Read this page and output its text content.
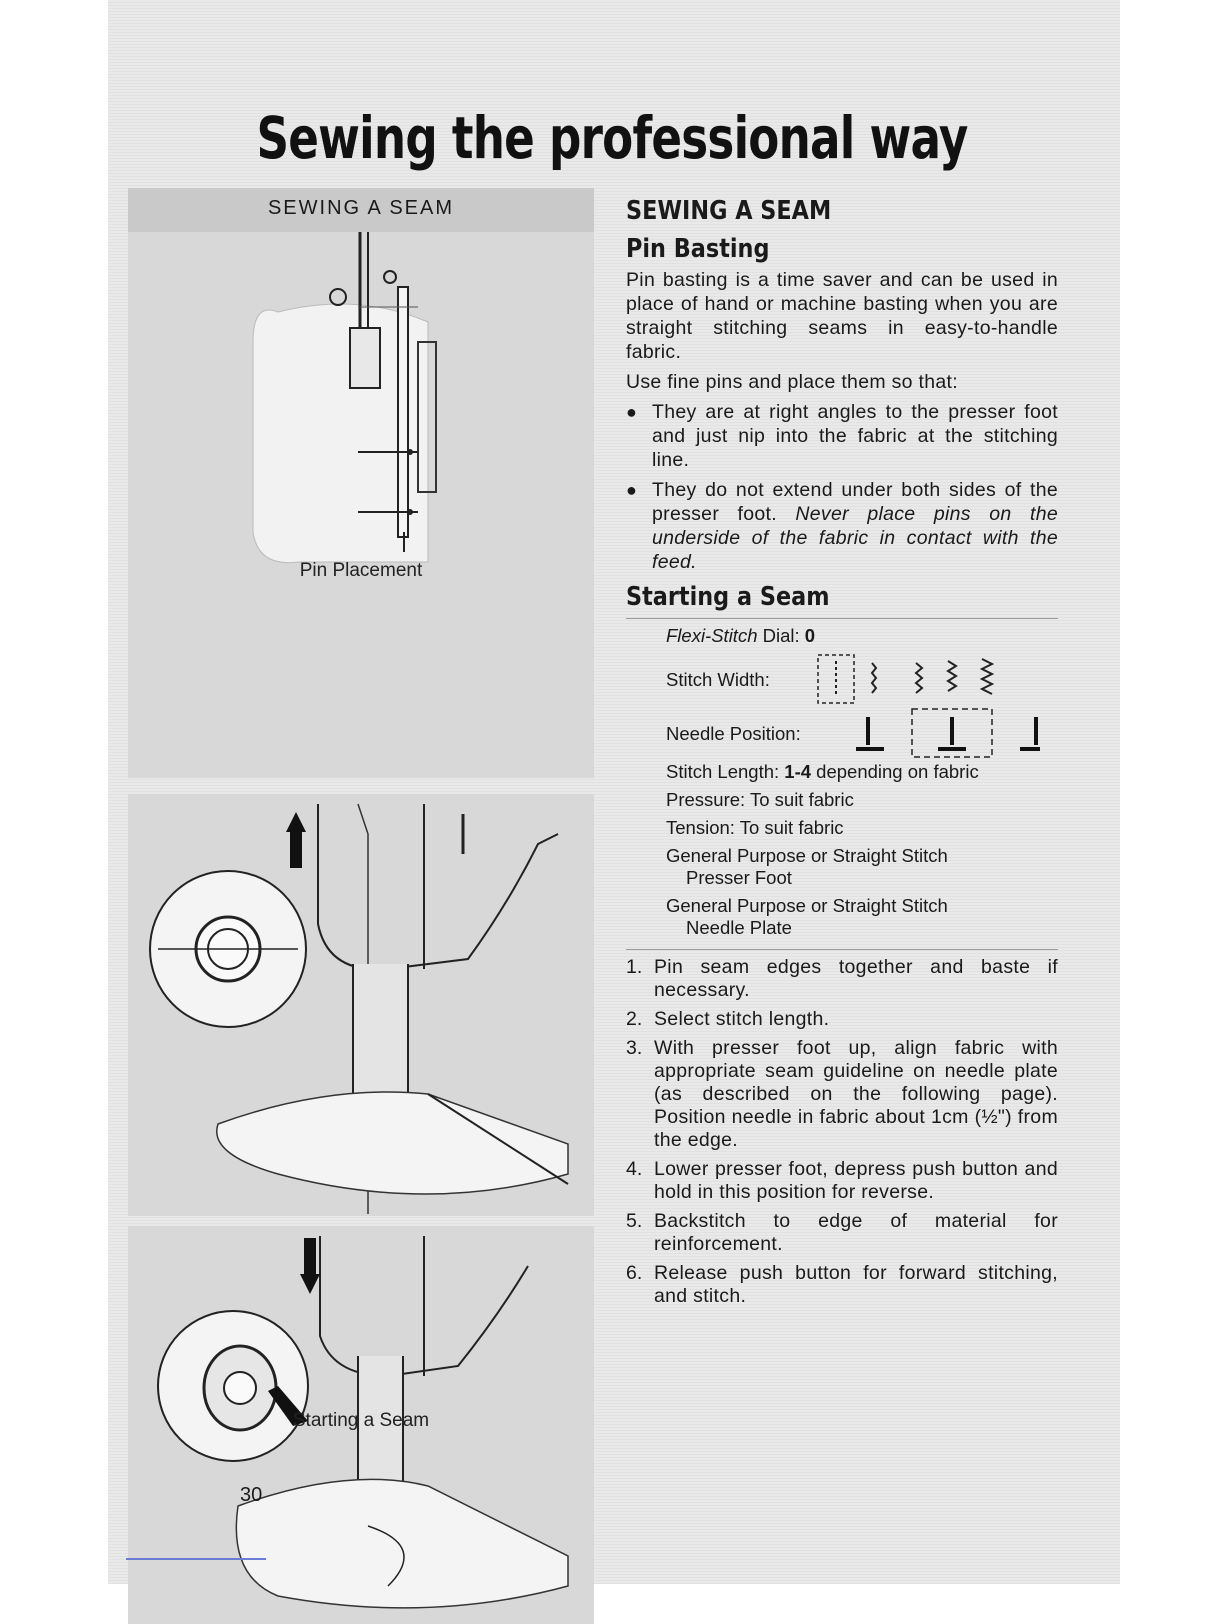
Sewing the professional way
SEWING A SEAM
Pin Placement
Starting a Seam
SEWING A SEAM
Pin Basting

Pin basting is a time saver and can be used in place of hand or machine basting when you are straight stitching seams in easy-to-handle fabric.

Use fine pins and place them so that:

● They are at right angles to the presser foot and just nip into the fabric at the stitching line.
● They do not extend under both sides of the presser foot. Never place pins on the underside of the fabric in contact with the feed.
Starting a Seam
Flexi-Stitch Dial: 0
Stitch Width:
Needle Position:
Stitch Length: 1-4 depending on fabric
Pressure: To suit fabric
Tension: To suit fabric
General Purpose or Straight Stitch
Presser Foot
General Purpose or Straight Stitch
Needle Plate
1. Pin seam edges together and baste if necessary.
2. Select stitch length.
3. With presser foot up, align fabric with appropriate seam guideline on needle plate (as described on the following page). Position needle in fabric about 1cm (½") from the edge.
4. Lower presser foot, depress push button and hold in this position for reverse.
5. Backstitch to edge of material for reinforcement.
6. Release push button for forward stitching, and stitch.
30
